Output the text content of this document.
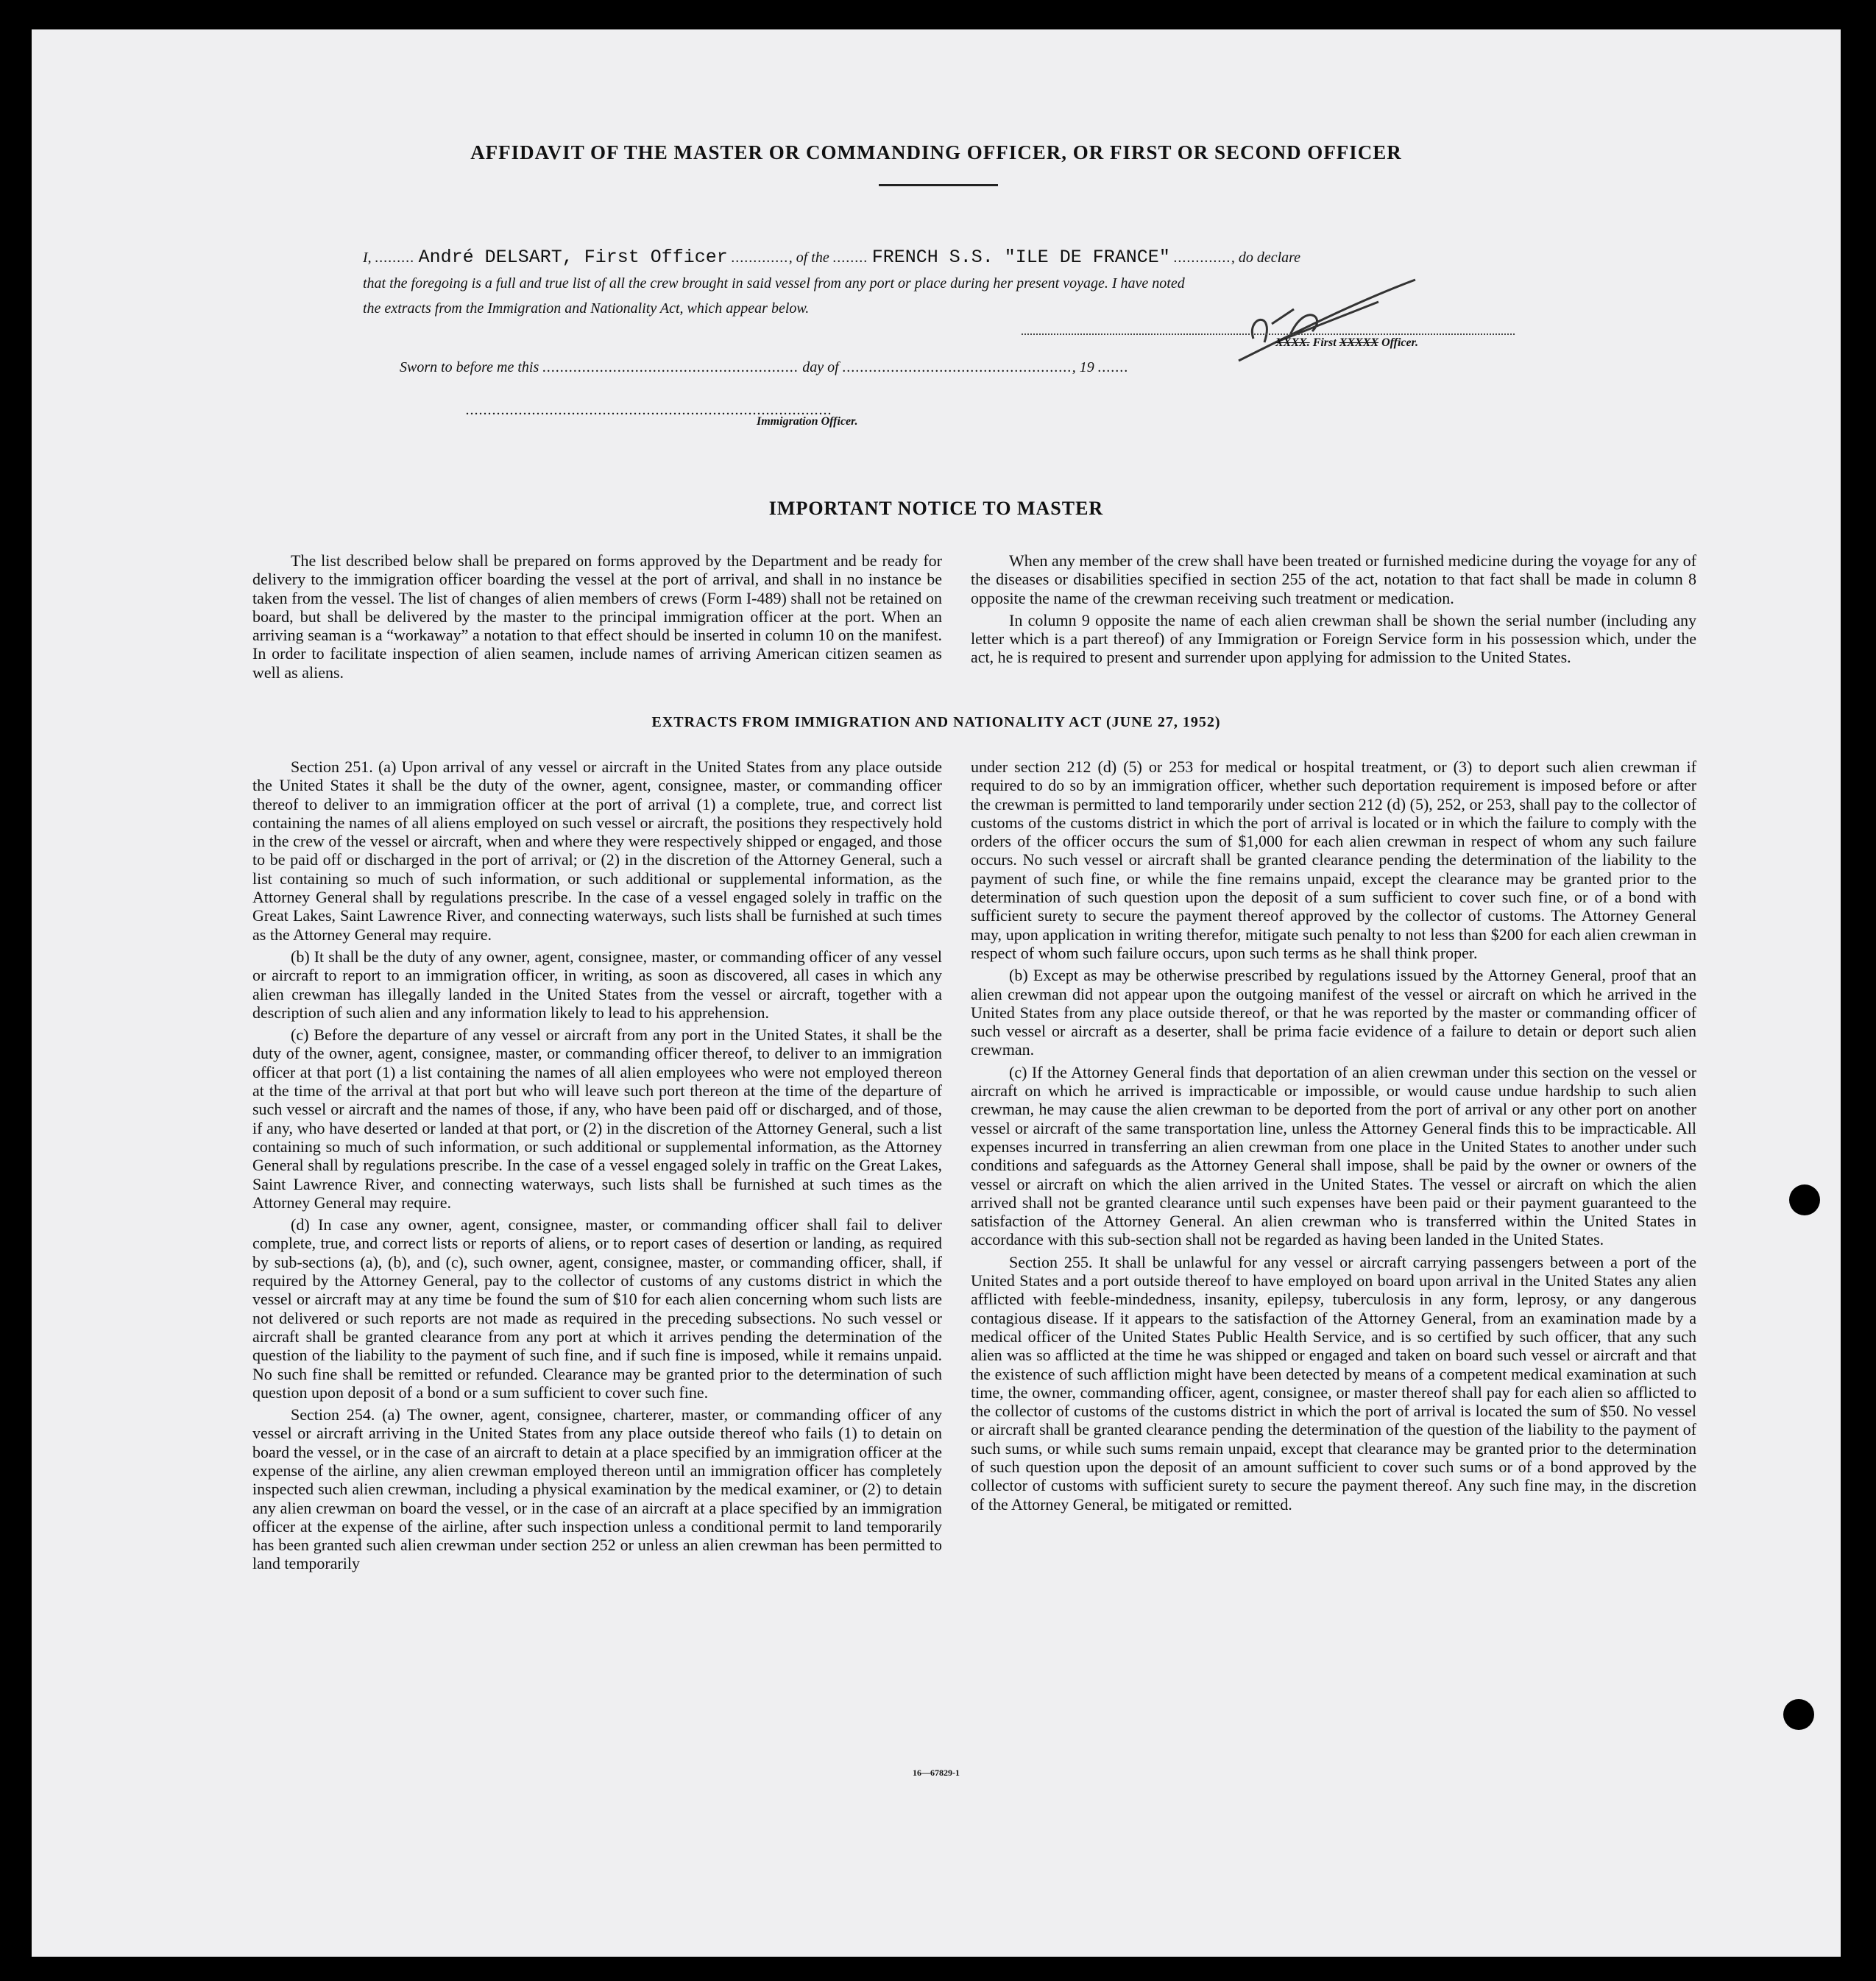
AFFIDAVIT OF THE MASTER OR COMMANDING OFFICER, OR FIRST OR SECOND OFFICER
I, ......... André DELSART, First Officer ............., of the ........ FRENCH S.S. "ILE DE FRANCE" ............., do declare
that the foregoing is a full and true list of all the crew brought in said vessel from any port or place during her present voyage. I have noted
the extracts from the Immigration and Nationality Act, which appear below.
XXXX. First XXXXX Officer.
Sworn to before me this .......................................................... day of ...................................................., 19 .......
...................................................................................
Immigration Officer.
IMPORTANT NOTICE TO MASTER

The list described below shall be prepared on forms approved by the Department and be ready for delivery to the immigration officer boarding the vessel at the port of arrival, and shall in no instance be taken from the vessel. The list of changes of alien members of crews (Form I-489) shall not be retained on board, but shall be delivered by the master to the principal immigration officer at the port. When an arriving seaman is a “workaway” a notation to that effect should be inserted in column 10 on the manifest. In order to facilitate inspection of alien seamen, include names of arriving American citizen seamen as well as aliens.

When any member of the crew shall have been treated or furnished medicine during the voyage for any of the diseases or disabilities specified in section 255 of the act, notation to that fact shall be made in column 8 opposite the name of the crewman receiving such treatment or medication.

In column 9 opposite the name of each alien crewman shall be shown the serial number (including any letter which is a part thereof) of any Immigration or Foreign Service form in his possession which, under the act, he is required to present and surrender upon applying for admission to the United States.

EXTRACTS FROM IMMIGRATION AND NATIONALITY ACT (JUNE 27, 1952)

Section 251. (a) Upon arrival of any vessel or aircraft in the United States from any place outside the United States it shall be the duty of the owner, agent, consignee, master, or commanding officer thereof to deliver to an immigration officer at the port of arrival (1) a complete, true, and correct list containing the names of all aliens employed on such vessel or aircraft, the positions they respectively hold in the crew of the vessel or aircraft, when and where they were respectively shipped or engaged, and those to be paid off or discharged in the port of arrival; or (2) in the discretion of the Attorney General, such a list containing so much of such information, or such additional or supplemental information, as the Attorney General shall by regulations prescribe. In the case of a vessel engaged solely in traffic on the Great Lakes, Saint Lawrence River, and connecting waterways, such lists shall be furnished at such times as the Attorney General may require.

(b) It shall be the duty of any owner, agent, consignee, master, or commanding officer of any vessel or aircraft to report to an immigration officer, in writing, as soon as discovered, all cases in which any alien crewman has illegally landed in the United States from the vessel or aircraft, together with a description of such alien and any information likely to lead to his apprehension.

(c) Before the departure of any vessel or aircraft from any port in the United States, it shall be the duty of the owner, agent, consignee, master, or commanding officer thereof, to deliver to an immigration officer at that port (1) a list containing the names of all alien employees who were not employed thereon at the time of the arrival at that port but who will leave such port thereon at the time of the departure of such vessel or aircraft and the names of those, if any, who have been paid off or discharged, and of those, if any, who have deserted or landed at that port, or (2) in the discretion of the Attorney General, such a list containing so much of such information, or such additional or supplemental information, as the Attorney General shall by regulations prescribe. In the case of a vessel engaged solely in traffic on the Great Lakes, Saint Lawrence River, and connecting waterways, such lists shall be furnished at such times as the Attorney General may require.

(d) In case any owner, agent, consignee, master, or commanding officer shall fail to deliver complete, true, and correct lists or reports of aliens, or to report cases of desertion or landing, as required by sub-sections (a), (b), and (c), such owner, agent, consignee, master, or commanding officer, shall, if required by the Attorney General, pay to the collector of customs of any customs district in which the vessel or aircraft may at any time be found the sum of $10 for each alien concerning whom such lists are not delivered or such reports are not made as required in the preceding subsections. No such vessel or aircraft shall be granted clearance from any port at which it arrives pending the determination of the question of the liability to the payment of such fine, and if such fine is imposed, while it remains unpaid. No such fine shall be remitted or refunded. Clearance may be granted prior to the determination of such question upon deposit of a bond or a sum sufficient to cover such fine.

Section 254. (a) The owner, agent, consignee, charterer, master, or commanding officer of any vessel or aircraft arriving in the United States from any place outside thereof who fails (1) to detain on board the vessel, or in the case of an aircraft to detain at a place specified by an immigration officer at the expense of the airline, any alien crewman employed thereon until an immigration officer has completely inspected such alien crewman, including a physical examination by the medical examiner, or (2) to detain any alien crewman on board the vessel, or in the case of an aircraft at a place specified by an immigration officer at the expense of the airline, after such inspection unless a conditional permit to land temporarily has been granted such alien crewman under section 252 or unless an alien crewman has been permitted to land temporarily

under section 212 (d) (5) or 253 for medical or hospital treatment, or (3) to deport such alien crewman if required to do so by an immigration officer, whether such deportation requirement is imposed before or after the crewman is permitted to land temporarily under section 212 (d) (5), 252, or 253, shall pay to the collector of customs of the customs district in which the port of arrival is located or in which the failure to comply with the orders of the officer occurs the sum of $1,000 for each alien crewman in respect of whom any such failure occurs. No such vessel or aircraft shall be granted clearance pending the determination of the liability to the payment of such fine, or while the fine remains unpaid, except the clearance may be granted prior to the determination of such question upon the deposit of a sum sufficient to cover such fine, or of a bond with sufficient surety to secure the payment thereof approved by the collector of customs. The Attorney General may, upon application in writing therefor, mitigate such penalty to not less than $200 for each alien crewman in respect of whom such failure occurs, upon such terms as he shall think proper.

(b) Except as may be otherwise prescribed by regulations issued by the Attorney General, proof that an alien crewman did not appear upon the outgoing manifest of the vessel or aircraft on which he arrived in the United States from any place outside thereof, or that he was reported by the master or commanding officer of such vessel or aircraft as a deserter, shall be prima facie evidence of a failure to detain or deport such alien crewman.

(c) If the Attorney General finds that deportation of an alien crewman under this section on the vessel or aircraft on which he arrived is impracticable or impossible, or would cause undue hardship to such alien crewman, he may cause the alien crewman to be deported from the port of arrival or any other port on another vessel or aircraft of the same transportation line, unless the Attorney General finds this to be impracticable. All expenses incurred in transferring an alien crewman from one place in the United States to another under such conditions and safeguards as the Attorney General shall impose, shall be paid by the owner or owners of the vessel or aircraft on which the alien arrived in the United States. The vessel or aircraft on which the alien arrived shall not be granted clearance until such expenses have been paid or their payment guaranteed to the satisfaction of the Attorney General. An alien crewman who is transferred within the United States in accordance with this sub-section shall not be regarded as having been landed in the United States.

Section 255. It shall be unlawful for any vessel or aircraft carrying passengers between a port of the United States and a port outside thereof to have employed on board upon arrival in the United States any alien afflicted with feeble-mindedness, insanity, epilepsy, tuberculosis in any form, leprosy, or any dangerous contagious disease. If it appears to the satisfaction of the Attorney General, from an examination made by a medical officer of the United States Public Health Service, and is so certified by such officer, that any such alien was so afflicted at the time he was shipped or engaged and taken on board such vessel or aircraft and that the existence of such affliction might have been detected by means of a competent medical examination at such time, the owner, commanding officer, agent, consignee, or master thereof shall pay for each alien so afflicted to the collector of customs of the customs district in which the port of arrival is located the sum of $50. No vessel or aircraft shall be granted clearance pending the determination of the question of the liability to the payment of such sums, or while such sums remain unpaid, except that clearance may be granted prior to the determination of such question upon the deposit of an amount sufficient to cover such sums or of a bond approved by the collector of customs with sufficient surety to secure the payment thereof. Any such fine may, in the discretion of the Attorney General, be mitigated or remitted.

16—67829-1
